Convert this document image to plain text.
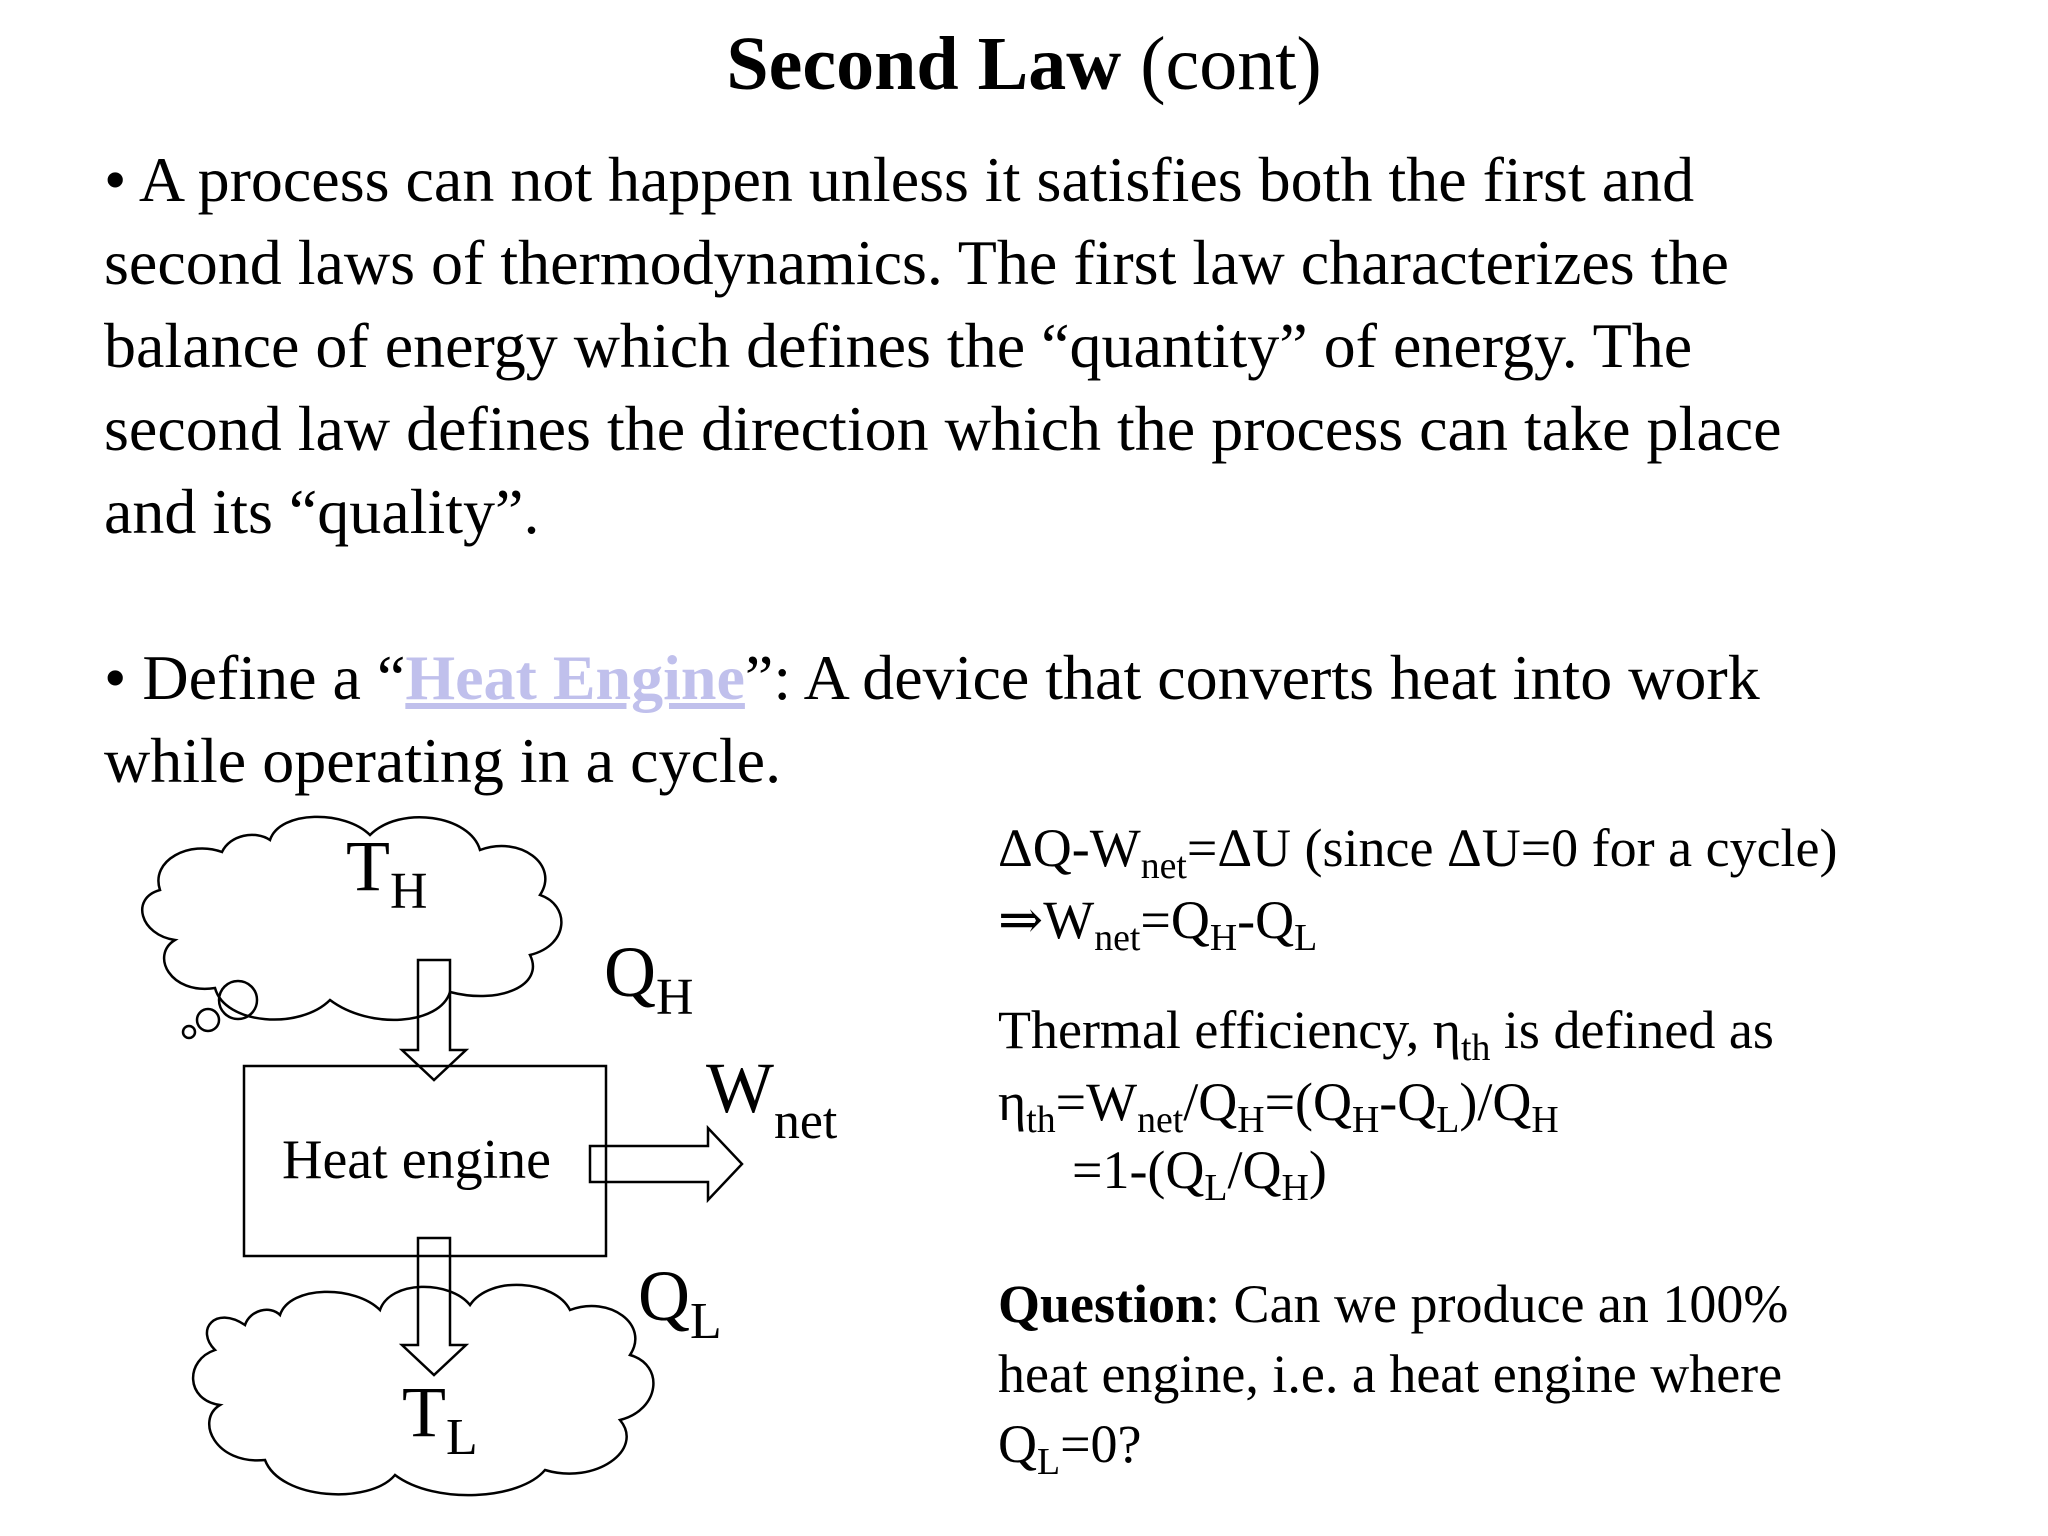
Second Law (cont)

• A process can not happen unless it satisfies both the first and
second laws of thermodynamics. The first law characterizes the
balance of energy which defines the “quantity” of energy. The
second law defines the direction which the process can take place
and its “quality”.

• Define a “Heat Engine”: A device that converts heat into work
while operating in a cycle.

$T_H$
$Q_H$
$W_{net}$
Heat engine
$Q_L$
$T_L$
$\Delta Q-W_{net}=\Delta U$ (since ΔU=0 for a cycle)
$\Rightarrow W_{net}=Q_H-Q_L$
Thermal efficiency, $\eta_{th}$ is defined as
$\eta_{th}=W_{net}/Q_H=(Q_H-Q_L)/Q_H$
$=1-(Q_L/Q_H)$
Question: Can we produce an 100%
heat engine, i.e. a heat engine where
$Q_L=0$?
